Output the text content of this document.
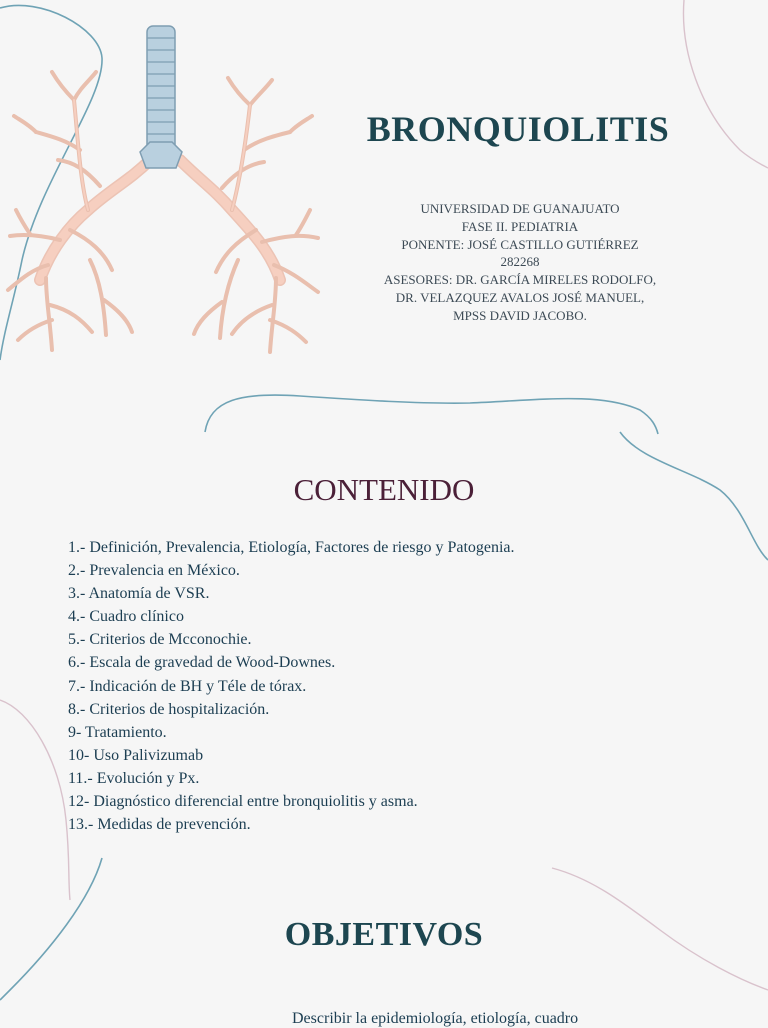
BRONQUIOLITIS
UNIVERSIDAD DE GUANAJUATO
FASE II. PEDIATRIA
PONENTE: JOSÉ CASTILLO GUTIÉRREZ
282268
ASESORES: DR. GARCÍA MIRELES RODOLFO,
DR. VELAZQUEZ AVALOS JOSÉ MANUEL,
MPSS DAVID JACOBO.
CONTENIDO
1.- Definición, Prevalencia, Etiología, Factores de riesgo y Patogenia.
2.- Prevalencia en México.
3.- Anatomía de VSR.
4.- Cuadro clínico
5.- Criterios de Mcconochie.
6.- Escala de gravedad de Wood-Downes.
7.- Indicación de BH y Téle de tórax.
8.- Criterios de hospitalización.
9- Tratamiento.
10- Uso Palivizumab
11.- Evolución y Px.
12- Diagnóstico diferencial entre bronquiolitis y asma.
13.- Medidas de prevención.
OBJETIVOS
Describir la epidemiología, etiología, cuadro
